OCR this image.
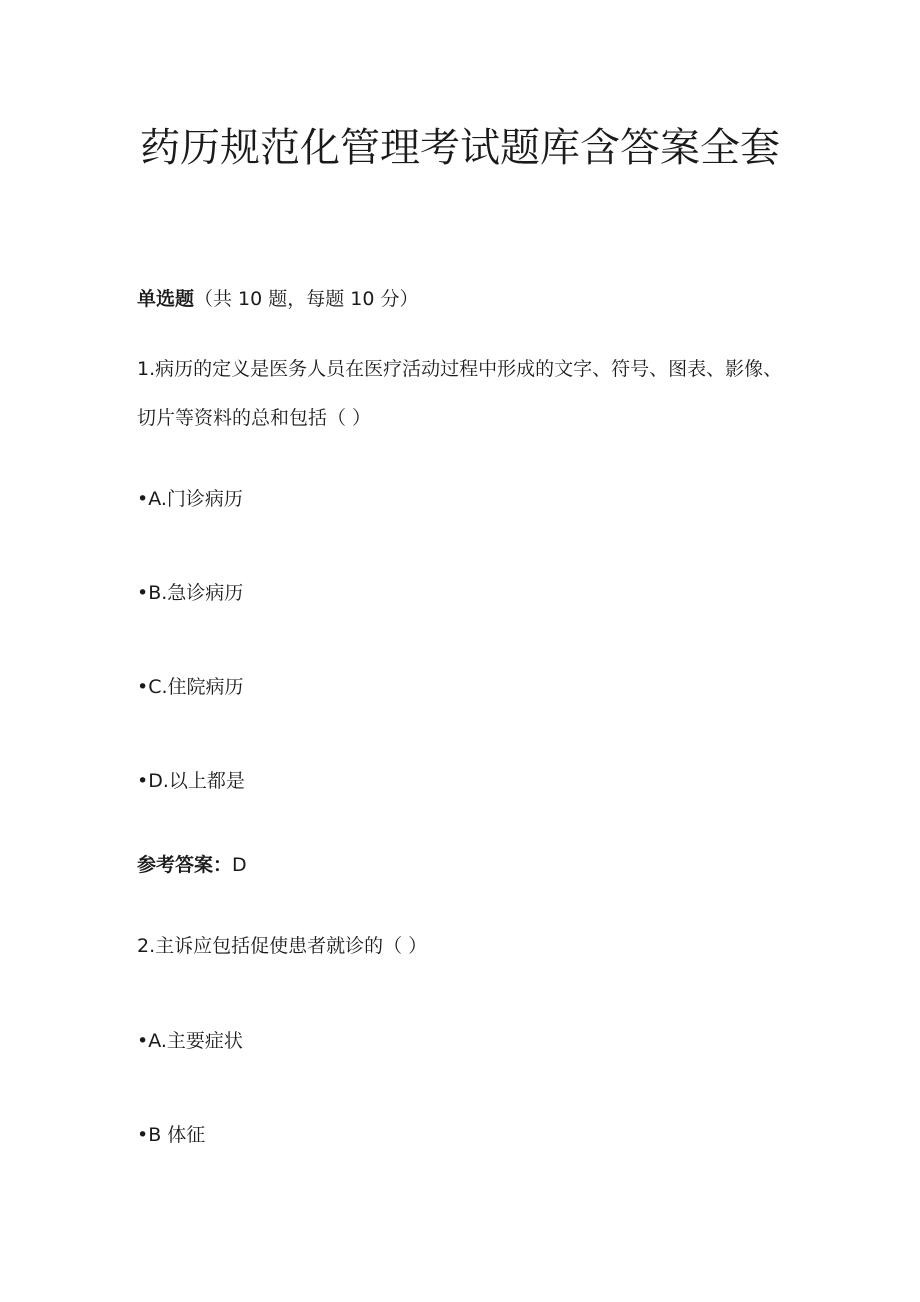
药历规范化管理考试题库含答案全套
单选题（共 10 题，每题 10 分）
1.病历的定义是医务人员在医疗活动过程中形成的文字、符号、图表、影像、切片等资料的总和包括（ ）
•A.门诊病历
•B.急诊病历
•C.住院病历
•D.以上都是
参考答案：D
2.主诉应包括促使患者就诊的（ ）
•A.主要症状
•B 体征
